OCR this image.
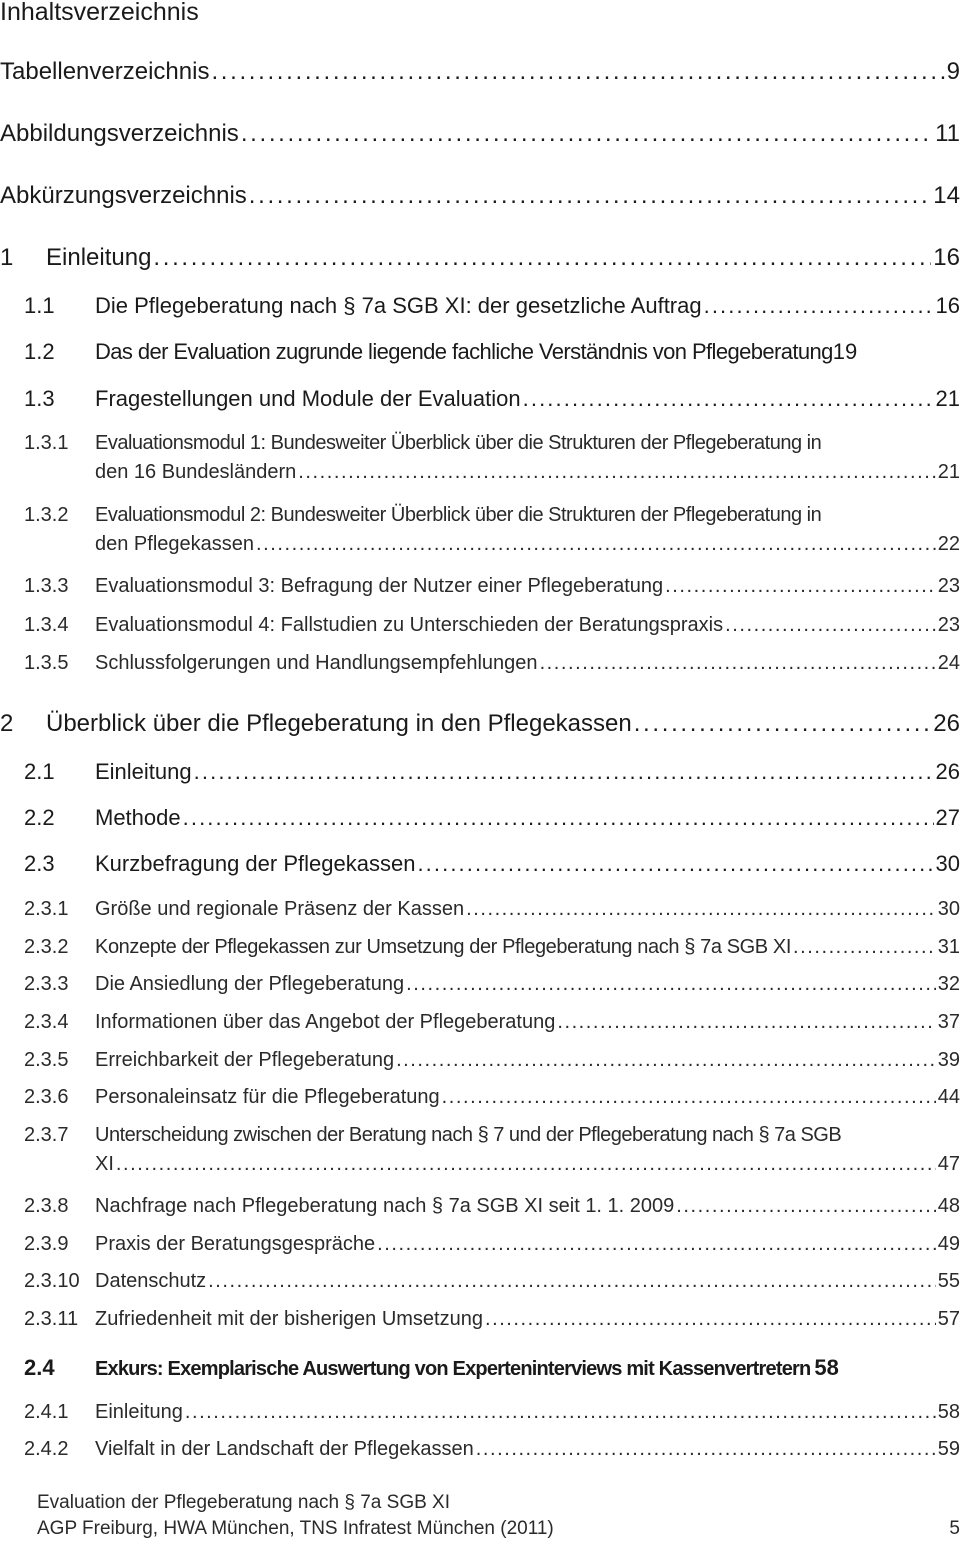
Inhaltsverzeichnis
Tabellenverzeichnis . . .	9
Abbildungsverzeichnis . . .	11
Abkürzungsverzeichnis . . .	14
1	Einleitung . . .	16
1.1	Die Pflegeberatung nach § 7a SGB XI: der gesetzliche Auftrag . . .	16
1.2	Das der Evaluation zugrunde liegende fachliche Verständnis von Pflegeberatung 19
1.3	Fragestellungen und Module der Evaluation . . .	21
1.3.1	Evaluationsmodul 1: Bundesweiter Überblick über die Strukturen der Pflegeberatung in
den 16 Bundesländern . . .	21
1.3.2	Evaluationsmodul 2: Bundesweiter Überblick über die Strukturen der Pflegeberatung in
den Pflegekassen . . .	22
1.3.3	Evaluationsmodul 3: Befragung der Nutzer einer Pflegeberatung . . .	23
1.3.4	Evaluationsmodul 4: Fallstudien zu Unterschieden der Beratungspraxis . . .	23
1.3.5	Schlussfolgerungen und Handlungsempfehlungen . . .	24
2	Überblick über die Pflegeberatung in den Pflegekassen . . .	26
2.1	Einleitung . . .	26
2.2	Methode . . .	27
2.3	Kurzbefragung der Pflegekassen . . .	30
2.3.1	Größe und regionale Präsenz der Kassen . . .	30
2.3.2	Konzepte der Pflegekassen zur Umsetzung der Pflegeberatung nach § 7a SGB XI . . .	31
2.3.3	Die Ansiedlung der Pflegeberatung . . .	32
2.3.4	Informationen über das Angebot der Pflegeberatung . . .	37
2.3.5	Erreichbarkeit der Pflegeberatung . . .	39
2.3.6	Personaleinsatz für die Pflegeberatung . . .	44
2.3.7	Unterscheidung zwischen der Beratung nach § 7 und der Pflegeberatung nach § 7a SGB
XI . . .	47
2.3.8	Nachfrage nach Pflegeberatung nach § 7a SGB XI seit 1. 1. 2009 . . .	48
2.3.9	Praxis der Beratungsgespräche . . .	49
2.3.10 Datenschutz . . .	55
2.3.11 Zufriedenheit mit der bisherigen Umsetzung . . .	57
2.4	Exkurs: Exemplarische Auswertung von Experteninterviews mit Kassenvertretern 58
2.4.1	Einleitung . . .	58
2.4.2	Vielfalt in der Landschaft der Pflegekassen . . .	59
Evaluation der Pflegeberatung nach § 7a SGB XI
AGP Freiburg, HWA München, TNS Infratest München (2011)	5
